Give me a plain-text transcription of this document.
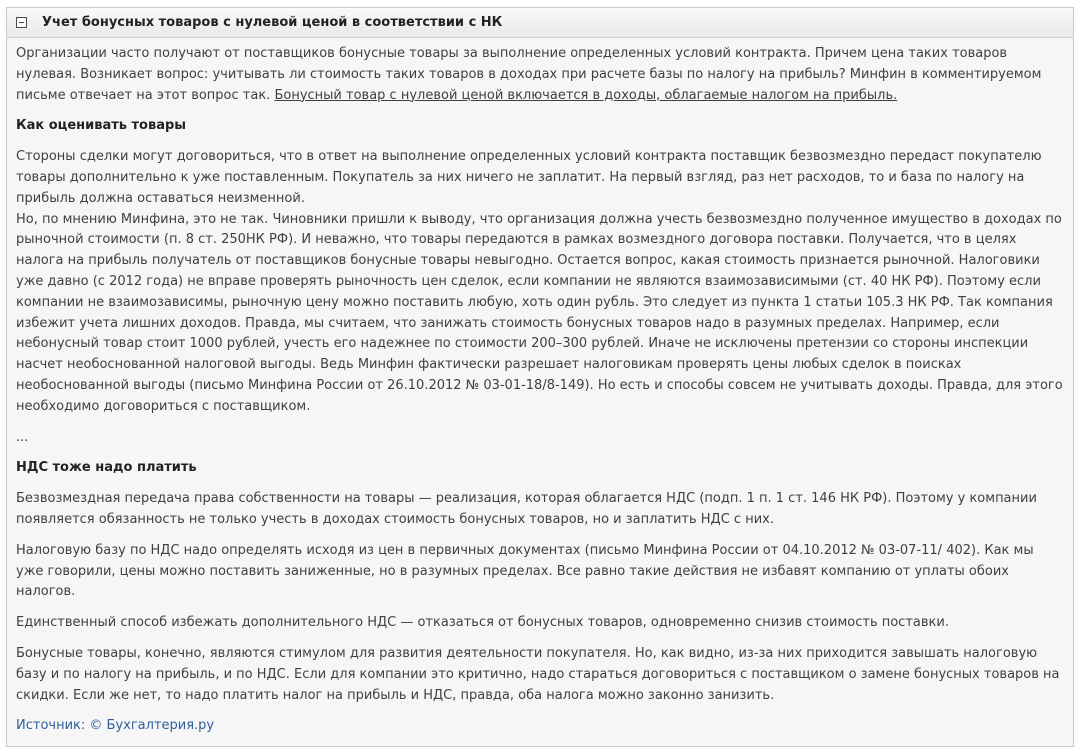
Учет бонусных товаров с нулевой ценой в соответствии с НК

Организации часто получают от поставщиков бонусные товары за выполнение определенных условий контракта. Причем цена таких товаров нулевая. Возникает вопрос: учитывать ли стоимость таких товаров в доходах при расчете базы по налогу на прибыль? Минфин в комментируемом письме отвечает на этот вопрос так. Бонусный товар с нулевой ценой включается в доходы, облагаемые налогом на прибыль.

Как оценивать товары

Стороны сделки могут договориться, что в ответ на выполнение определенных условий контракта поставщик безвозмездно передаст покупателю товары дополнительно к уже поставленным. Покупатель за них ничего не заплатит. На первый взгляд, раз нет расходов, то и база по налогу на прибыль должна оставаться неизменной.

Но, по мнению Минфина, это не так. Чиновники пришли к выводу, что организация должна учесть безвозмездно полученное имущество в доходах по рыночной стоимости (п. 8 ст. 250НК РФ). И неважно, что товары передаются в рамках возмездного договора поставки. Получается, что в целях налога на прибыль получатель от поставщиков бонусные товары невыгодно. Остается вопрос, какая стоимость признается рыночной. Налоговики уже давно (с 2012 года) не вправе проверять рыночность цен сделок, если компании не являются взаимозависимыми (ст. 40 НК РФ). Поэтому если компании не взаимозависимы, рыночную цену можно поставить любую, хоть один рубль. Это следует из пункта 1 статьи 105.3 НК РФ. Так компания избежит учета лишних доходов. Правда, мы считаем, что занижать стоимость бонусных товаров надо в разумных пределах. Например, если небонусный товар стоит 1000 рублей, учесть его надежнее по стоимости 200–300 рублей. Иначе не исключены претензии со стороны инспекции насчет необоснованной налоговой выгоды. Ведь Минфин фактически разрешает налоговикам проверять цены любых сделок в поисках необоснованной выгоды (письмо Минфина России от 26.10.2012 № 03-01-18/8-149). Но есть и способы совсем не учитывать доходы. Правда, для этого необходимо договориться с поставщиком.

...

НДС тоже надо платить

Безвозмездная передача права собственности на товары — реализация, которая облагается НДС (подп. 1 п. 1 ст. 146 НК РФ). Поэтому у компании появляется обязанность не только учесть в доходах стоимость бонусных товаров, но и заплатить НДС с них.

Налоговую базу по НДС надо определять исходя из цен в первичных документах (письмо Минфина России от 04.10.2012 № 03-07-11/ 402). Как мы уже говорили, цены можно поставить заниженные, но в разумных пределах. Все равно такие действия не избавят компанию от уплаты обоих налогов.

Единственный способ избежать дополнительного НДС — отказаться от бонусных товаров, одновременно снизив стоимость поставки.

Бонусные товары, конечно, являются стимулом для развития деятельности покупателя. Но, как видно, из-за них приходится завышать налоговую базу и по налогу на прибыль, и по НДС. Если для компании это критично, надо стараться договориться с поставщиком о замене бонусных товаров на скидки. Если же нет, то надо платить налог на прибыль и НДС, правда, оба налога можно законно занизить.

Источник: © Бухгалтерия.ру
